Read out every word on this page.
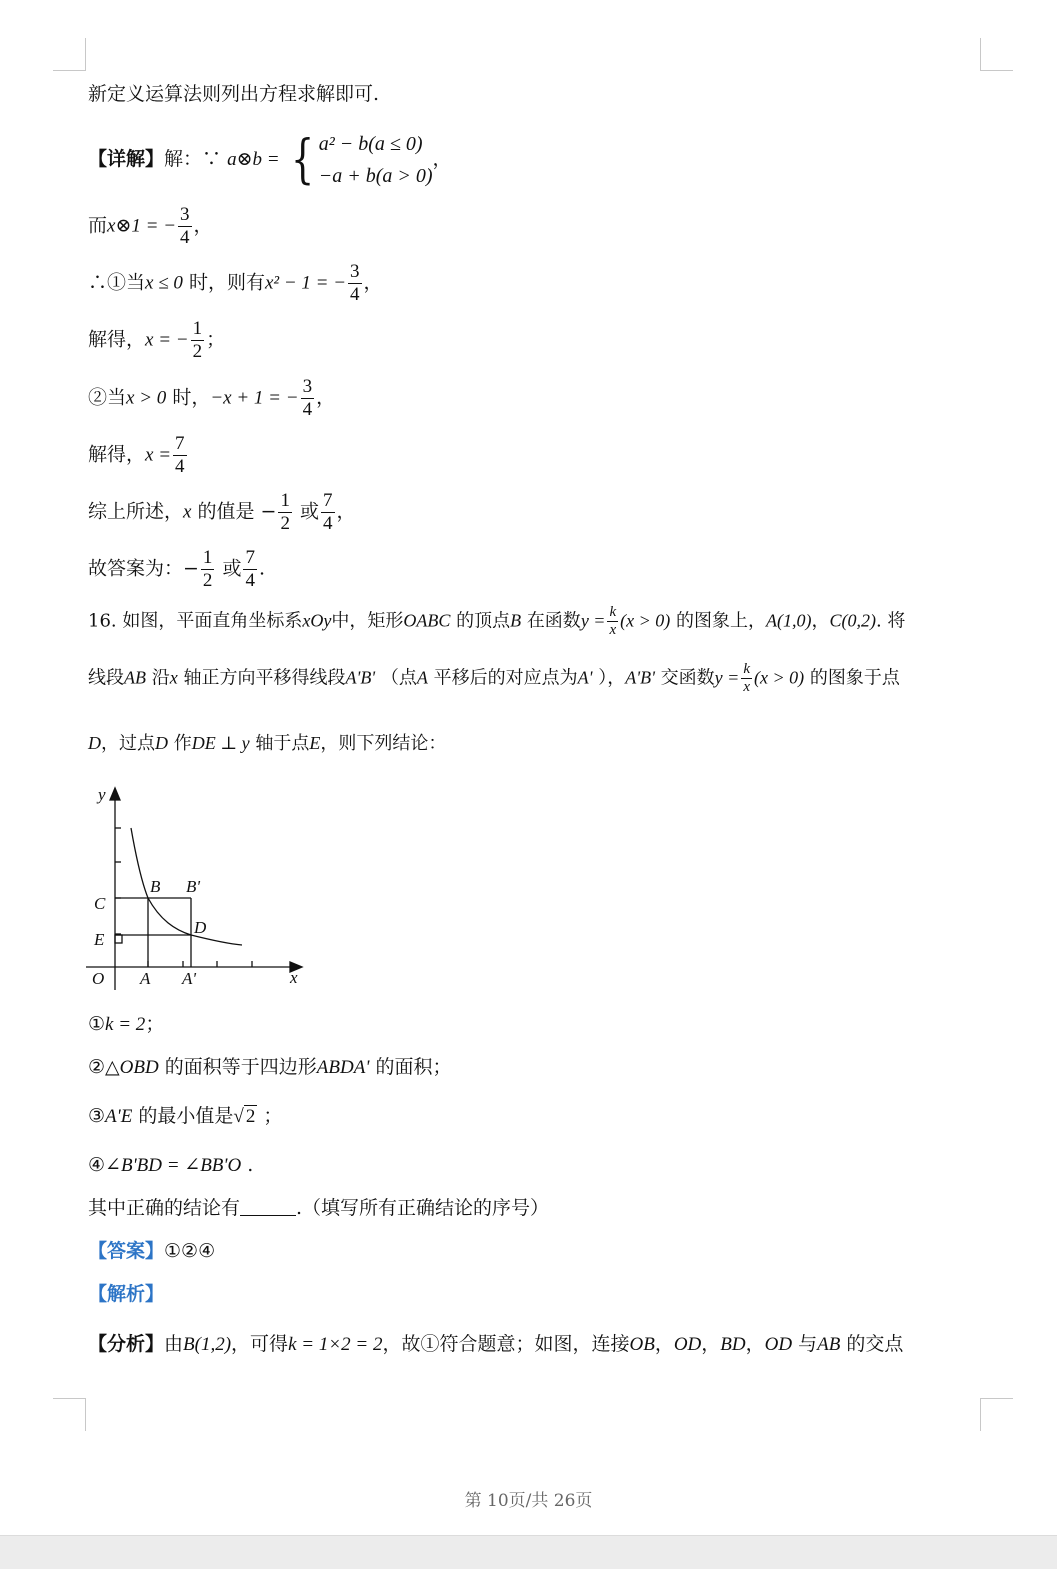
新定义运算法则列出方程求解即可.
【详解】解：∵ a⊗b = { a² − b(a ≤ 0)
−a + b(a > 0)
，
而x⊗1 = − $\frac{3}{4}$ ，
∴①当x ≤ 0 时，则有x² − 1 = − $\frac{3}{4}$ ，
解得，x = − $\frac{1}{2}$ ；
②当x > 0 时，−x + 1 = − $\frac{3}{4}$ ，
解得，$x = \frac{7}{4}$
综上所述，x 的值是 − $\frac{1}{2}$ 或 $\frac{7}{4}$ ，
故答案为：− $\frac{1}{2}$ 或 $\frac{7}{4}$ .
16. 如图，平面直角坐标系xOy中，矩形OABC 的顶点B 在函数$y = \frac{k}{x} (x > 0)$ 的图象上，A(1,0)，C(0,2). 将
线段AB 沿x 轴正方向平移得线段A'B' （点A 平移后的对应点为A' ），A'B' 交函数$y = \frac{k}{x} (x > 0)$ 的图象于点
D，过点D 作DE ⊥ y 轴于点E，则下列结论：
y
x
O A A'
C
E
B B'
D
①k = 2；
②△OBD 的面积等于四边形ABDA' 的面积；
③A'E 的最小值是√ 2 ；
④∠B'BD = ∠BB'O .
其中正确的结论有	.（填写所有正确结论的序号）
【答案】①②④
【解析】
【分析】由B(1,2)，可得k = 1×2 = 2，故①符合题意；如图，连接OB，OD，BD，OD 与AB 的交点
第 10页/共 26页
